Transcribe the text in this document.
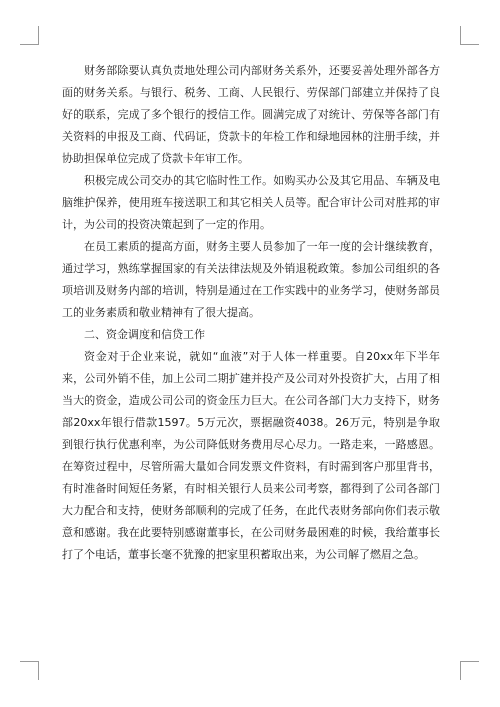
财务部除要认真负责地处理公司内部财务关系外，还要妥善处理外部各方面的财务关系。与银行、税务、工商、人民银行、劳保部门部建立并保持了良好的联系，完成了多个银行的授信工作。圆满完成了对统计、劳保等各部门有关资料的申报及工商、代码证，贷款卡的年检工作和绿地园林的注册手续，并协助担保单位完成了贷款卡年审工作。

积极完成公司交办的其它临时性工作。如购买办公及其它用品、车辆及电脑维护保养，使用班车接送职工和其它相关人员等。配合审计公司对胜邦的审计，为公司的投资决策起到了一定的作用。

在员工素质的提高方面，财务主要人员参加了一年一度的会计继续教育，通过学习，熟练掌握国家的有关法律法规及外销退税政策。参加公司组织的各项培训及财务内部的培训，特别是通过在工作实践中的业务学习，使财务部员工的业务素质和敬业精神有了很大提高。

二、资金调度和信贷工作

资金对于企业来说，就如“血液”对于人体一样重要。自20xx年下半年来，公司外销不佳，加上公司二期扩建并投产及公司对外投资扩大，占用了相当大的资金，造成公司公司的资金压力巨大。在公司各部门大力支持下，财务部20xx年银行借款1597。5万元次，票据融资4038。26万元，特别是争取到银行执行优惠利率，为公司降低财务费用尽心尽力。一路走来，一路感恩。在筹资过程中，尽管所需大量如合同发票文件资料，有时需到客户那里背书，有时准备时间短任务紧，有时相关银行人员来公司考察，都得到了公司各部门大力配合和支持，使财务部顺利的完成了任务，在此代表财务部向你们表示敬意和感谢。我在此要特别感谢董事长，在公司财务最困难的时候，我给董事长打了个电话，董事长毫不犹豫的把家里积蓄取出来，为公司解了燃眉之急。
